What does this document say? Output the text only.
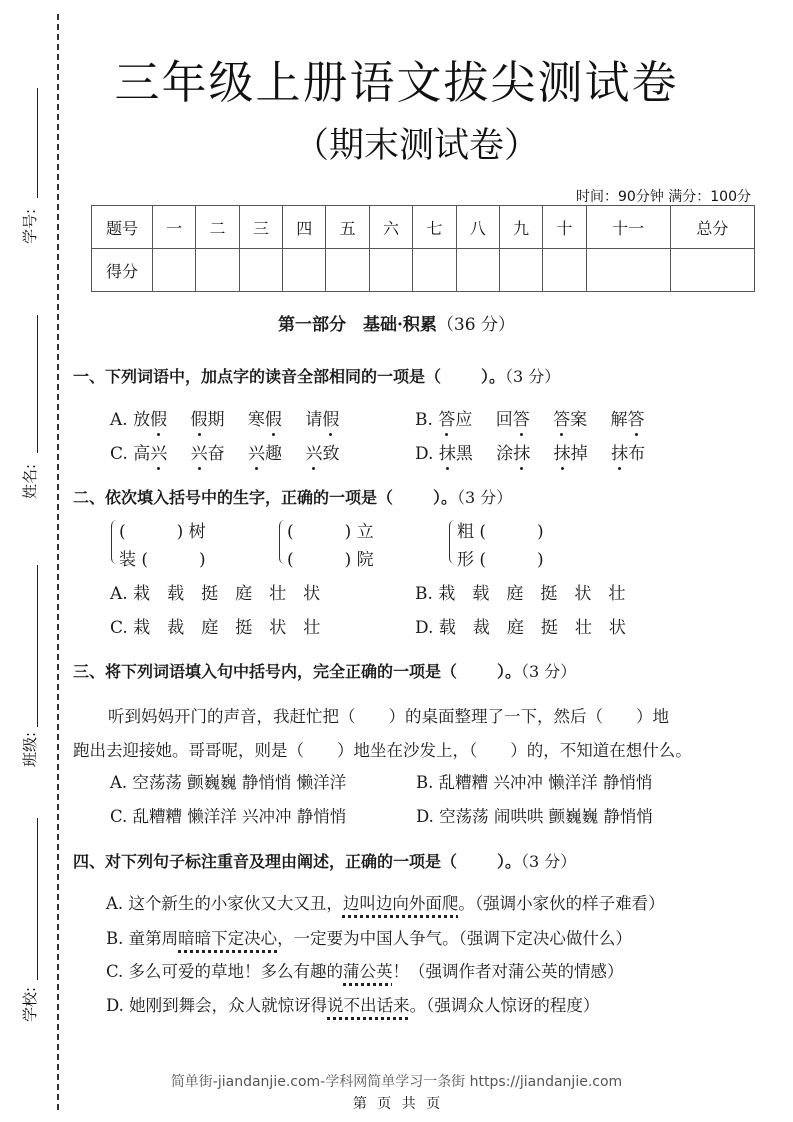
学号:
姓名:
班级:
学校:
三年级上册语文拔尖测试卷
（期末测试卷）
时间：90分钟 满分：100分
题号	一	二	三	四	五	六	七	八	九	十	十一	总分
得分												
第一部分　基础·积累（36 分）
一、下列词语中，加点字的读音全部相同的一项是（	）。（3 分）
A. 放假 假期 寒假 请假	B. 答应 回答 答案 解答
C. 高兴 兴奋 兴趣 兴致	D. 抹黑 涂抹 抹掉 抹布
二、依次填入括号中的生字，正确的一项是（	）。（3 分）
(　　　) 树
装 (　　　)
(　　　) 立
(　　　) 院
粗 (　　　)
形 (　　　)
A. 栽 载 挺 庭 壮 状	B. 栽 载 庭 挺 状 壮
C. 栽 裁 庭 挺 状 壮	D. 载 裁 庭 挺 壮 状
三、将下列词语填入句中括号内，完全正确的一项是（	）。（3 分）
听到妈妈开门的声音，我赶忙把（　　）的桌面整理了一下，然后（　　）地
跑出去迎接她。哥哥呢，则是（　　）地坐在沙发上，（　　）的，不知道在想什么。
A. 空荡荡 颤巍巍 静悄悄 懒洋洋	B. 乱糟糟 兴冲冲 懒洋洋 静悄悄
C. 乱糟糟 懒洋洋 兴冲冲 静悄悄	D. 空荡荡 闹哄哄 颤巍巍 静悄悄
四、对下列句子标注重音及理由阐述，正确的一项是（	）。（3 分）
A. 这个新生的小家伙又大又丑，边叫边向外面爬。（强调小家伙的样子难看）
B. 童第周暗暗下定决心，一定要为中国人争气。（强调下定决心做什么）
C. 多么可爱的草地！多么有趣的蒲公英！（强调作者对蒲公英的情感）
D. 她刚到舞会，众人就惊讶得说不出话来。（强调众人惊讶的程度）
简单街-jiandanjie.com-学科网简单学习一条街 https://jiandanjie.com
第 页 共 页
